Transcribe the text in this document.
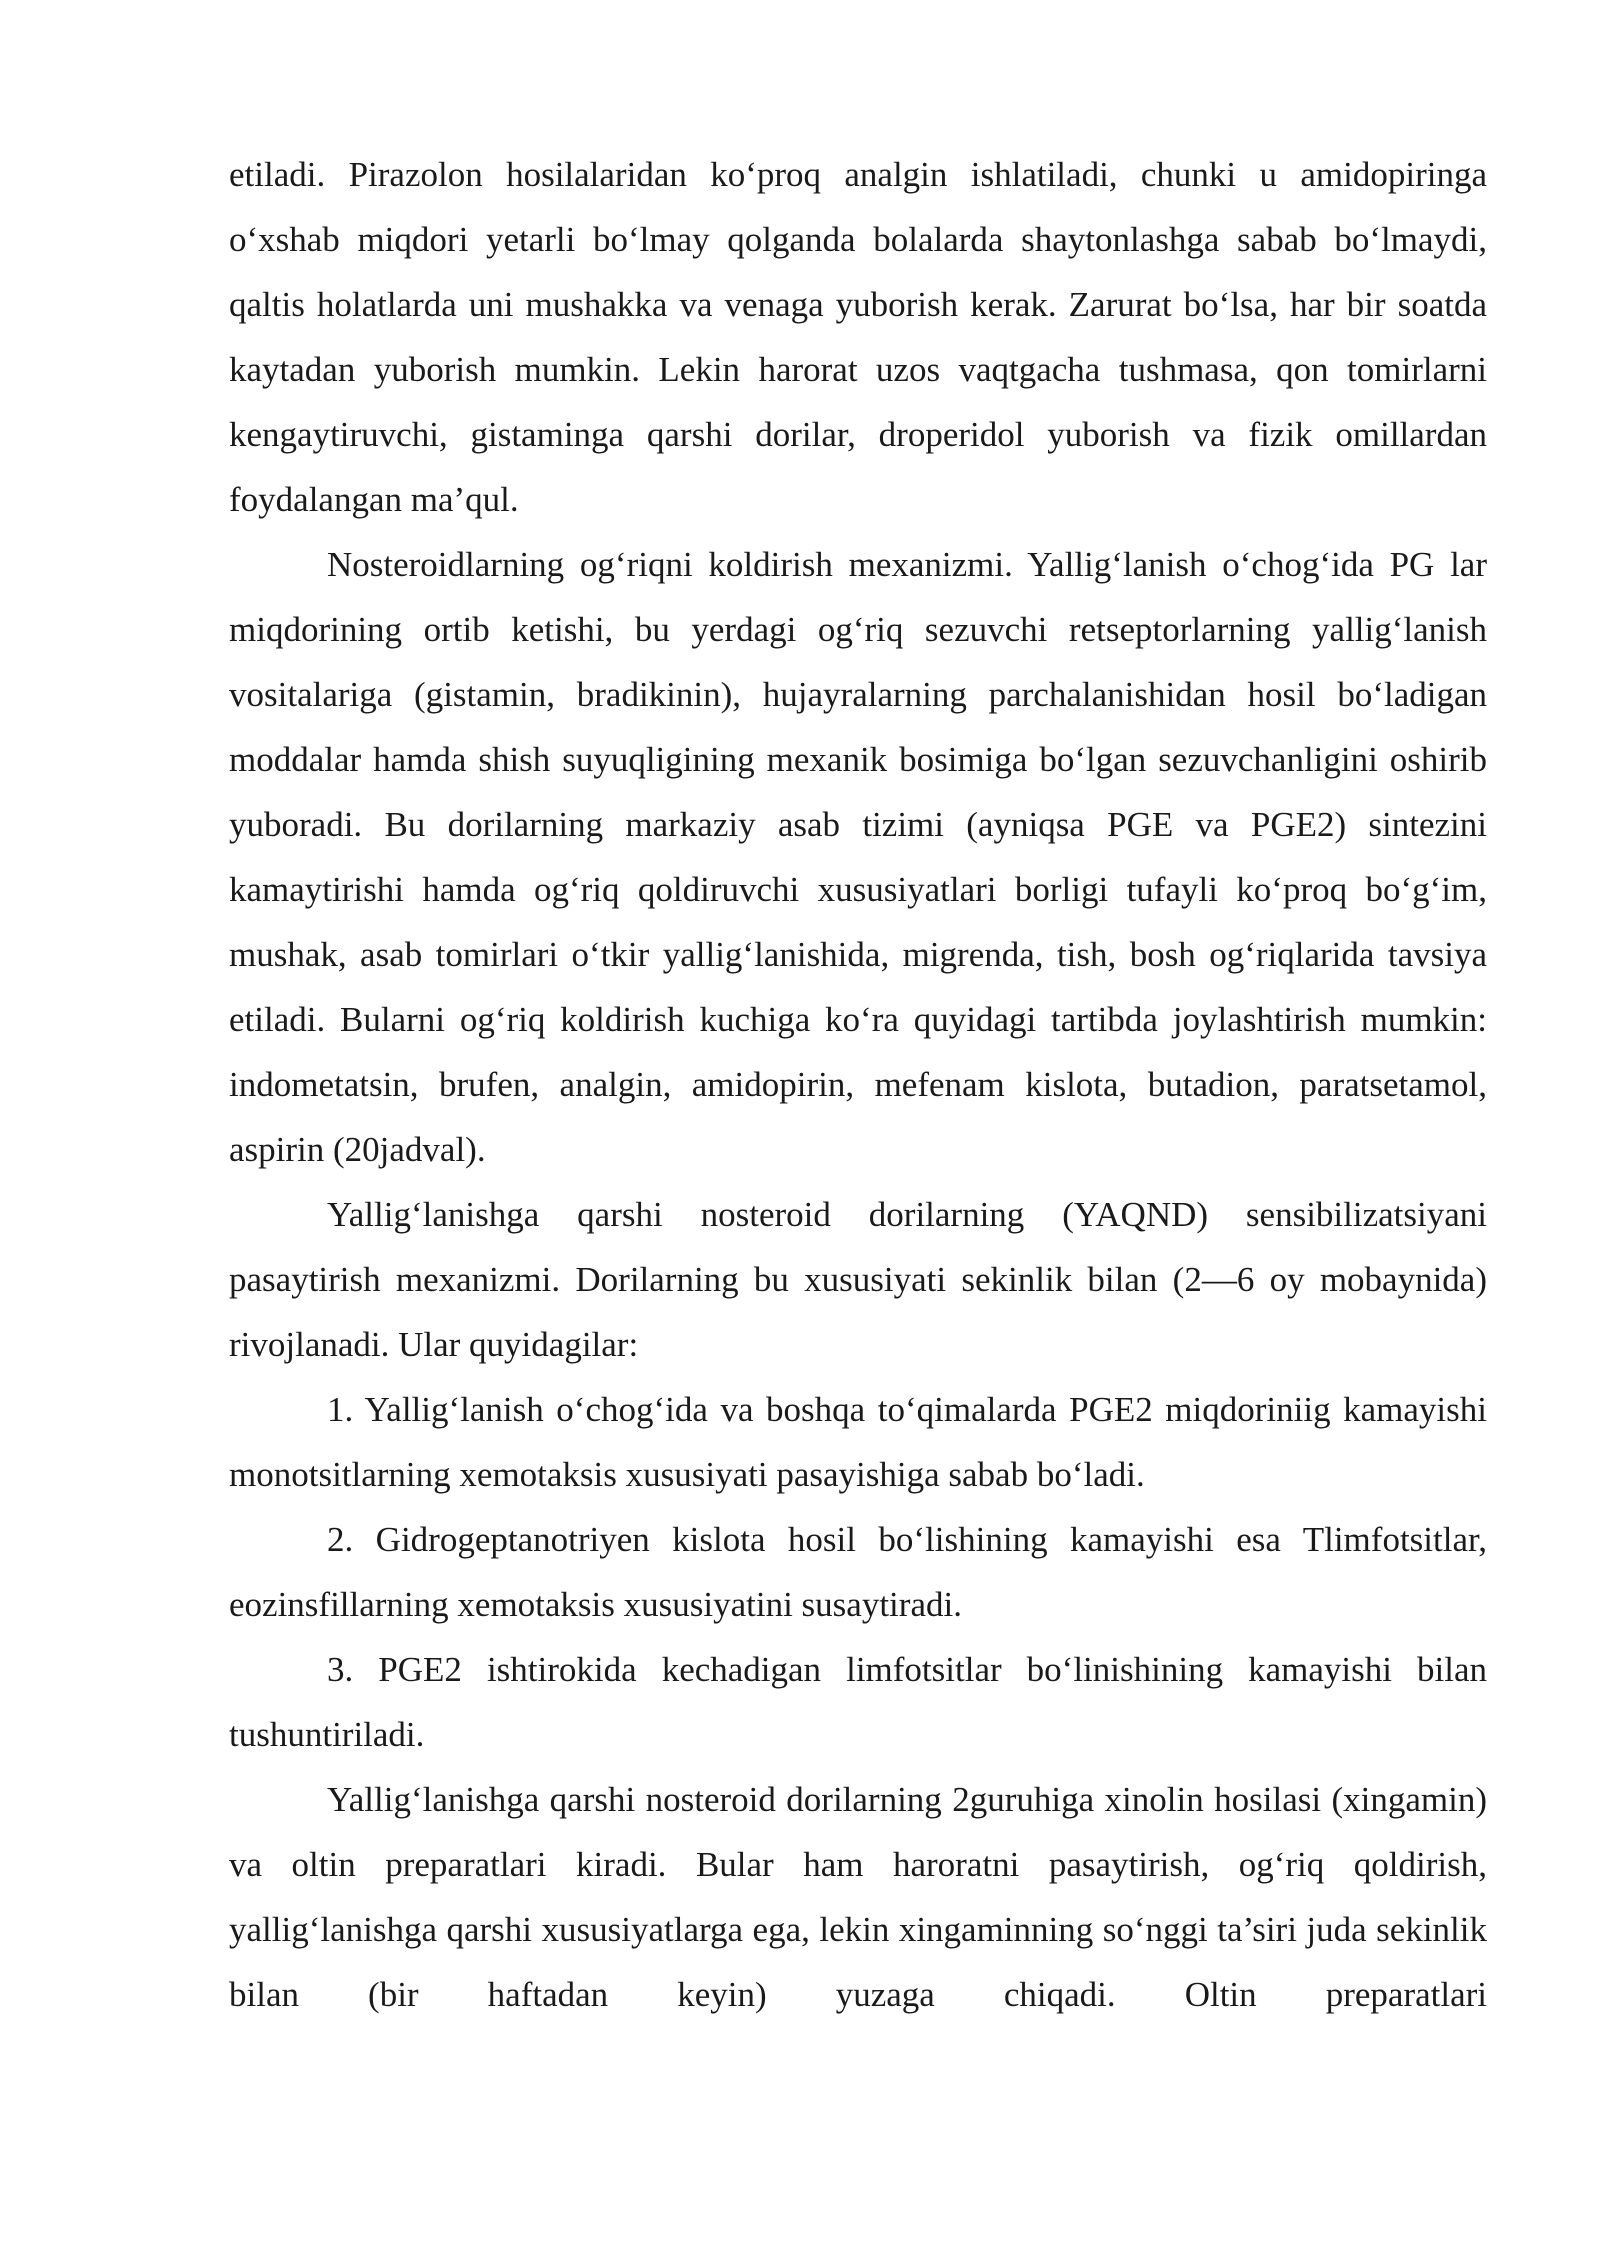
etiladi. Pirazolon hosilalaridan ko‘proq analgin ishlatiladi, chunki u amidopiringa o‘xshab miqdori yetarli bo‘lmay qolganda bolalarda shaytonlashga sabab bo‘lmaydi, qaltis holatlarda uni mushakka va venaga yuborish kerak. Zarurat bo‘lsa, har bir soatda kaytadan yuborish mumkin. Lekin harorat uzos vaqtgacha tushmasa, qon tomirlarni kengaytiruvchi, gistaminga qarshi dorilar, droperidol yuborish va fizik omillardan foydalangan ma’qul.

Nosteroidlarning og‘riqni koldirish mexanizmi. Yallig‘lanish o‘chog‘ida PG lar miqdorining ortib ketishi, bu yerdagi og‘riq sezuvchi retseptorlarning yallig‘lanish vositalariga (gistamin, bradikinin), hujayralarning parchalanishidan hosil bo‘ladigan moddalar hamda shish suyuqligining mexanik bosimiga bo‘lgan sezuvchanligini oshirib yuboradi. Bu dorilarning markaziy asab tizimi (ayniqsa PGE va PGE2) sintezini kamaytirishi hamda og‘riq qoldiruvchi xususiyatlari borligi tufayli ko‘proq bo‘g‘im, mushak, asab tomirlari o‘tkir yallig‘lanishida, migrenda, tish, bosh og‘riqlarida tavsiya etiladi. Bularni og‘riq koldirish kuchiga ko‘ra quyidagi tartibda joylashtirish mumkin: indometatsin, brufen, analgin, amidopirin, mefenam kislota, butadion, paratsetamol, aspirin (20jadval).

Yallig‘lanishga qarshi nosteroid dorilarning (YAQND) sensibilizatsiyani pasaytirish mexanizmi. Dorilarning bu xususiyati sekinlik bilan (2—6 oy mobaynida) rivojlanadi. Ular quyidagilar:

1. Yallig‘lanish o‘chog‘ida va boshqa to‘qimalarda PGE2 miqdoriniig kamayishi monotsitlarning xemotaksis xususiyati pasayishiga sabab bo‘ladi.

2. Gidrogeptanotriyen kislota hosil bo‘lishining kamayishi esa Tlimfotsitlar, eozinsfillarning xemotaksis xususiyatini susaytiradi.

3. PGE2 ishtirokida kechadigan limfotsitlar bo‘linishining kamayishi bilan tushuntiriladi.

Yallig‘lanishga qarshi nosteroid dorilarning 2guruhiga xinolin hosilasi (xingamin) va oltin preparatlari kiradi. Bular ham haroratni pasaytirish, og‘riq qoldirish, yallig‘lanishga qarshi xususiyatlarga ega, lekin xingaminning so‘nggi ta’siri juda sekinlik bilan (bir haftadan keyin) yuzaga chiqadi. Oltin preparatlari
